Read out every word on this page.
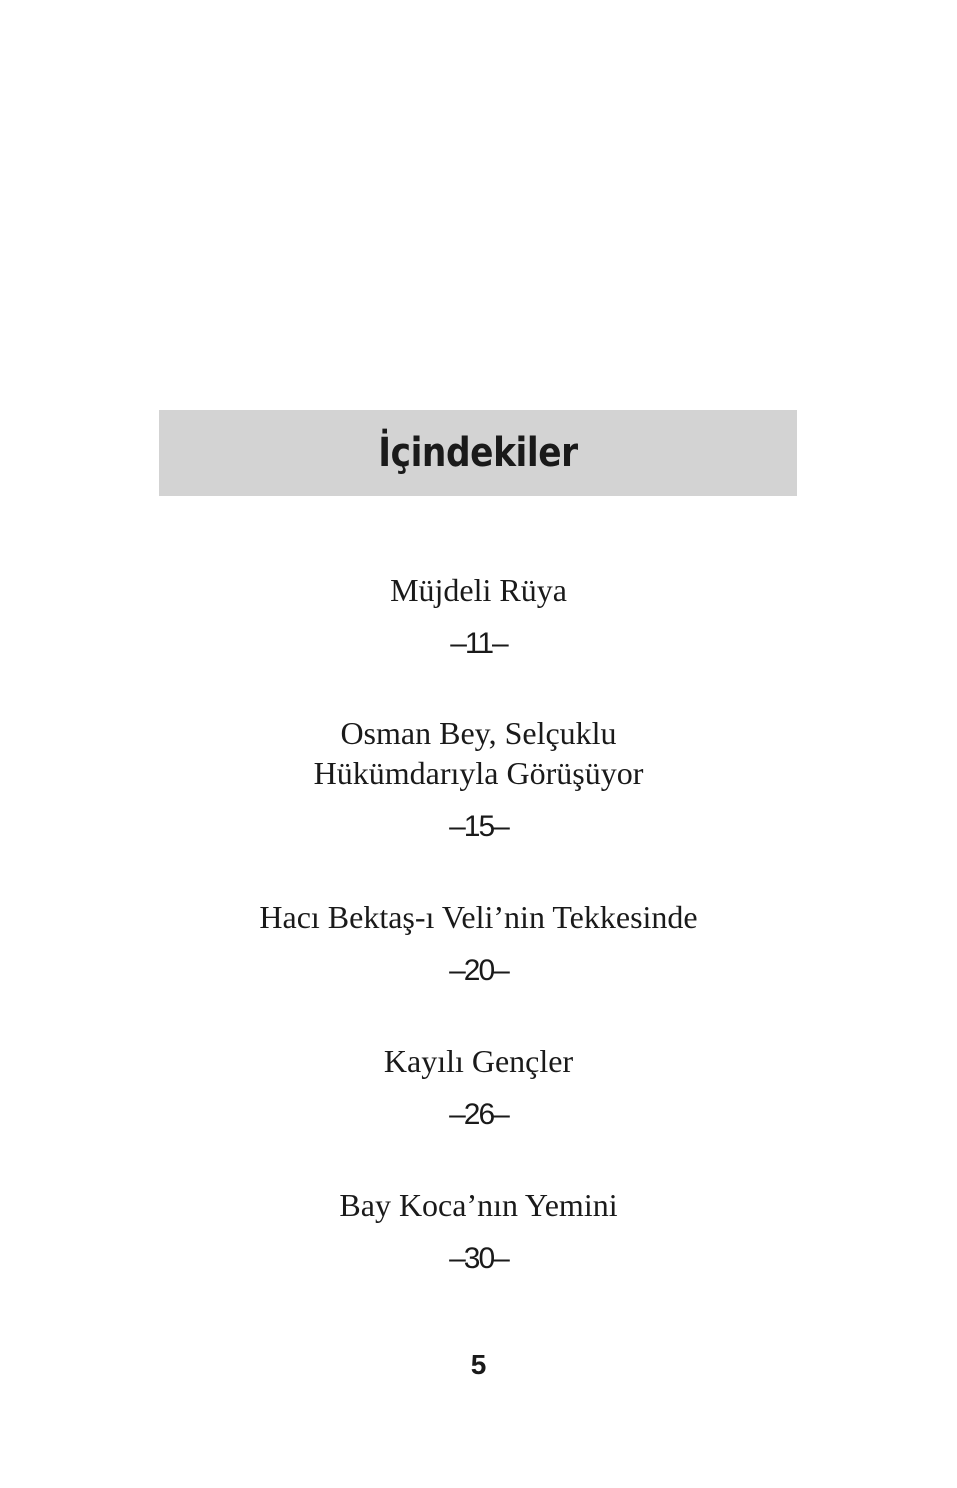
İçindekiler

Müjdeli Rüya

–11–

Osman Bey, Selçuklu

Hükümdarıyla Görüşüyor

–15–

Hacı Bektaş-ı Veli’nin Tekkesinde

–20–

Kayılı Gençler

–26–

Bay Koca’nın Yemini

–30–

5
